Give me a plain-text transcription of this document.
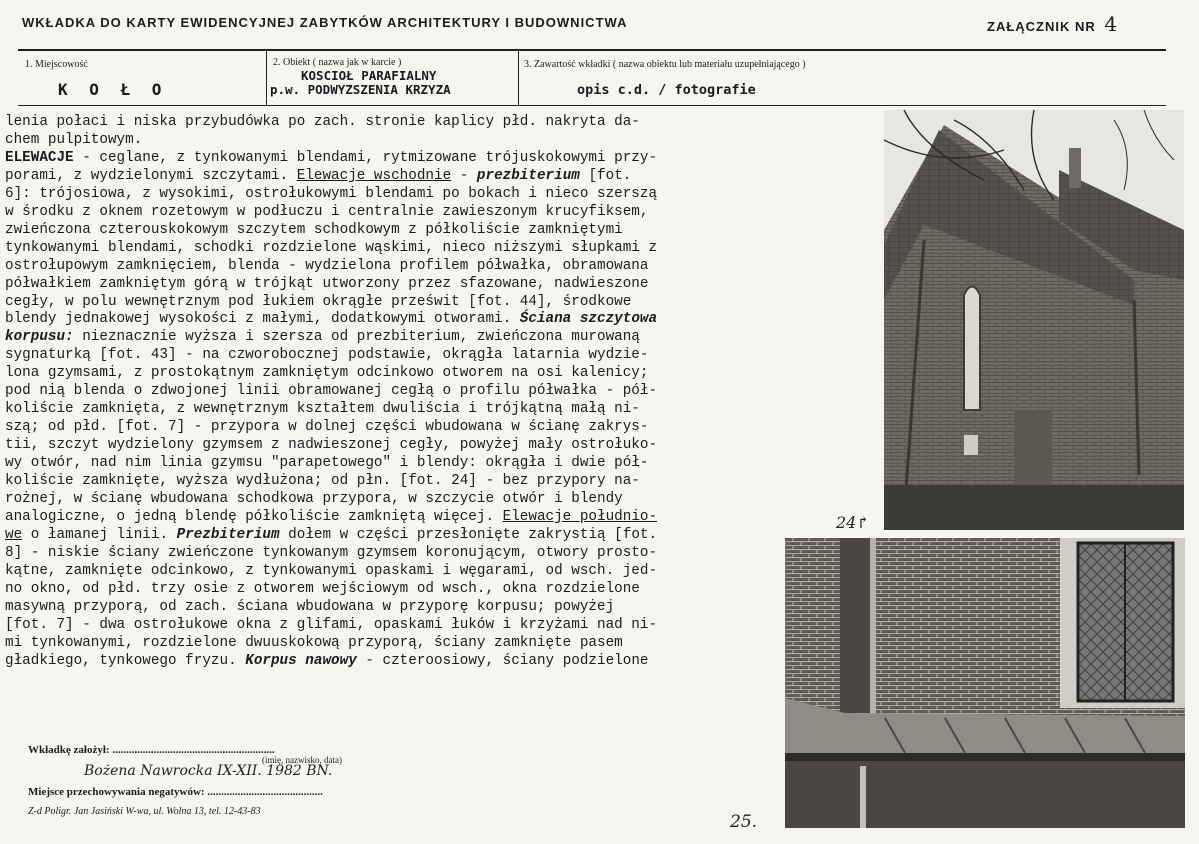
WKŁADKA DO KARTY EWIDENCYJNEJ ZABYTKÓW ARCHITEKTURY I BUDOWNICTWA	ZAŁĄCZNIK NR 4
1. Miejscowość
K O Ł O
2. Obiekt ( nazwa jak w karcie )
KOSCIOŁ PARAFIALNY
p.w. PODWYZSZENIA KRZYZA
3. Zawartość wkładki ( nazwa obiektu lub materiału uzupełniającego )
opis c.d. / fotografie
lenia połaci i niska przybudówka po zach. stronie kaplicy płd. nakryta da-
chem pulpitowym.
ELEWACJE - ceglane, z tynkowanymi blendami, rytmizowane trójuskokowymi przy-
porami, z wydzielonymi szczytami. Elewacje wschodnie - prezbiterium [fot.
6]: trójosiowa, z wysokimi, ostrołukowymi blendami po bokach i nieco szerszą
w środku z oknem rozetowym w podłuczu i centralnie zawieszonym krucyfiksem,
zwieńczona czterouskokowym szczytem schodkowym z półkoliście zamkniętymi
tynkowanymi blendami, schodki rozdzielone wąskimi, nieco niższymi słupkami z
ostrołupowym zamknięciem, blenda - wydzielona profilem półwałka, obramowana
półwałkiem zamkniętym górą w trójkąt utworzony przez sfazowane, nadwieszone
cegły, w polu wewnętrznym pod łukiem okrągłe prześwit [fot. 44], środkowe
blendy jednakowej wysokości z małymi, dodatkowymi otworami. Ściana szczytowa
korpusu: nieznacznie wyższa i szersza od prezbiterium, zwieńczona murowaną
sygnaturką [fot. 43] - na czworobocznej podstawie, okrągła latarnia wydzie-
lona gzymsami, z prostokątnym zamkniętym odcinkowo otworem na osi kalenicy;
pod nią blenda o zdwojonej linii obramowanej cegłą o profilu półwałka - pół-
koliście zamknięta, z wewnętrznym kształtem dwuliścia i trójkątną małą ni-
szą; od płd. [fot. 7] - przypora w dolnej części wbudowana w ścianę zakrys-
tii, szczyt wydzielony gzymsem z nadwieszonej cegły, powyżej mały ostrołuko-
wy otwór, nad nim linia gzymsu "parapetowego" i blendy: okrągła i dwie pół-
koliście zamknięte, wyższa wydłużona; od płn. [fot. 24] - bez przypory na-
rożnej, w ścianę wbudowana schodkowa przypora, w szczycie otwór i blendy
analogiczne, o jedną blendę półkoliście zamkniętą więcej. Elewacje południo-
we o łamanej linii. Prezbiterium dołem w części przesłonięte zakrystią [fot.
8] - niskie ściany zwieńczone tynkowanym gzymsem koronującym, otwory prosto-
kątne, zamknięte odcinkowo, z tynkowanymi opaskami i węgarami, od wsch. jed-
no okno, od płd. trzy osie z otworem wejściowym od wsch., okna rozdzielone
masywną przyporą, od zach. ściana wbudowana w przyporę korpusu; powyżej
[fot. 7] - dwa ostrołukowe okna z glifami, opaskami łuków i krzyżami nad ni-
mi tynkowanymi, rozdzielone dwuuskokową przyporą, ściany zamknięte pasem
gładkiego, tynkowego fryzu. Korpus nawowy - czteroosiowy, ściany podzielone
Wkładkę założył: ...........................................................
(imię, nazwisko, data)
Bożena Nawrocka IX-XII. 1982 BN.
Miejsce przechowywania negatywów: ..........................................
Z-d Poligr. Jan Jasiński W-wa, ul. Wolna 13, tel. 12-43-83
24↱
25.
